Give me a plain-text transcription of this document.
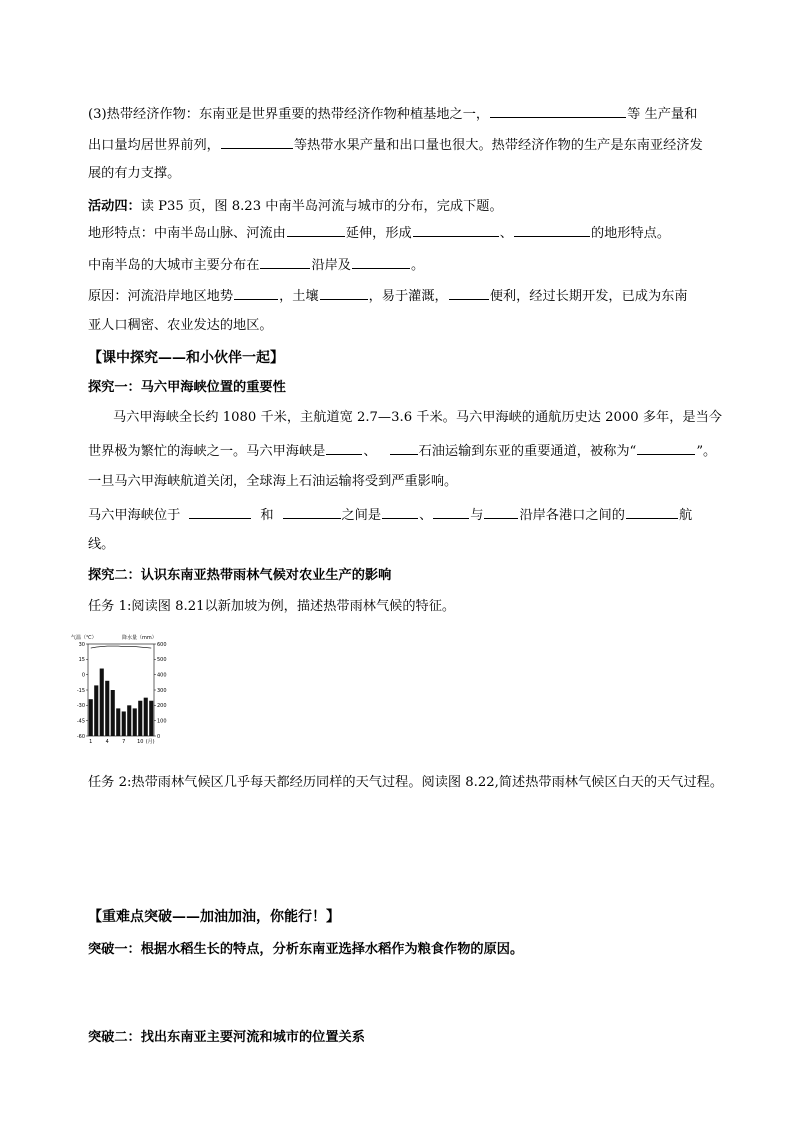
(3)热带经济作物：东南亚是世界重要的热带经济作物种植基地之一，	等 生产量和
出口量均居世界前列，	等热带水果产量和出口量也很大。热带经济作物的生产是东南亚经济发
展的有力支撑。
活动四：读 P35 页，图 8.23 中南半岛河流与城市的分布，完成下题。
地形特点：中南半岛山脉、河流由	延伸，形成	、	的地形特点。
中南半岛的大城市主要分布在	沿岸及	。
原因：河流沿岸地区地势	，土壤	，易于灌溉，	便利，经过长期开发，已成为东南
亚人口稠密、农业发达的地区。
【课中探究——和小伙伴一起】
探究一：马六甲海峡位置的重要性
马六甲海峡全长约 1080 千米，主航道宽 2.7—3.6 千米。马六甲海峡的通航历史达 2000 多年，是当今
世界极为繁忙的海峡之一。马六甲海峡是	、	石油运输到东亚的重要通道，被称为“	”。
一旦马六甲海峡航道关闭，全球海上石油运输将受到严重影响。
马六甲海峡位于	和	之间是	、	与	沿岸各港口之间的	航
线。
探究二：认识东南亚热带雨林气候对农业生产的影响
任务 1:阅读图 8.21以新加坡为例，描述热带雨林气候的特征。
气温（℃）	降水量（mm）
30
15
0
-15
-30
-45
-60
600
500
400
300
200
100
0
1	4	7 10 (月)
任务 2:热带雨林气候区几乎每天都经历同样的天气过程。阅读图 8.22,简述热带雨林气候区白天的天气过程。
【重难点突破——加油加油，你能行！】
突破一：根据水稻生长的特点，分析东南亚选择水稻作为粮食作物的原因。
突破二：找出东南亚主要河流和城市的位置关系
